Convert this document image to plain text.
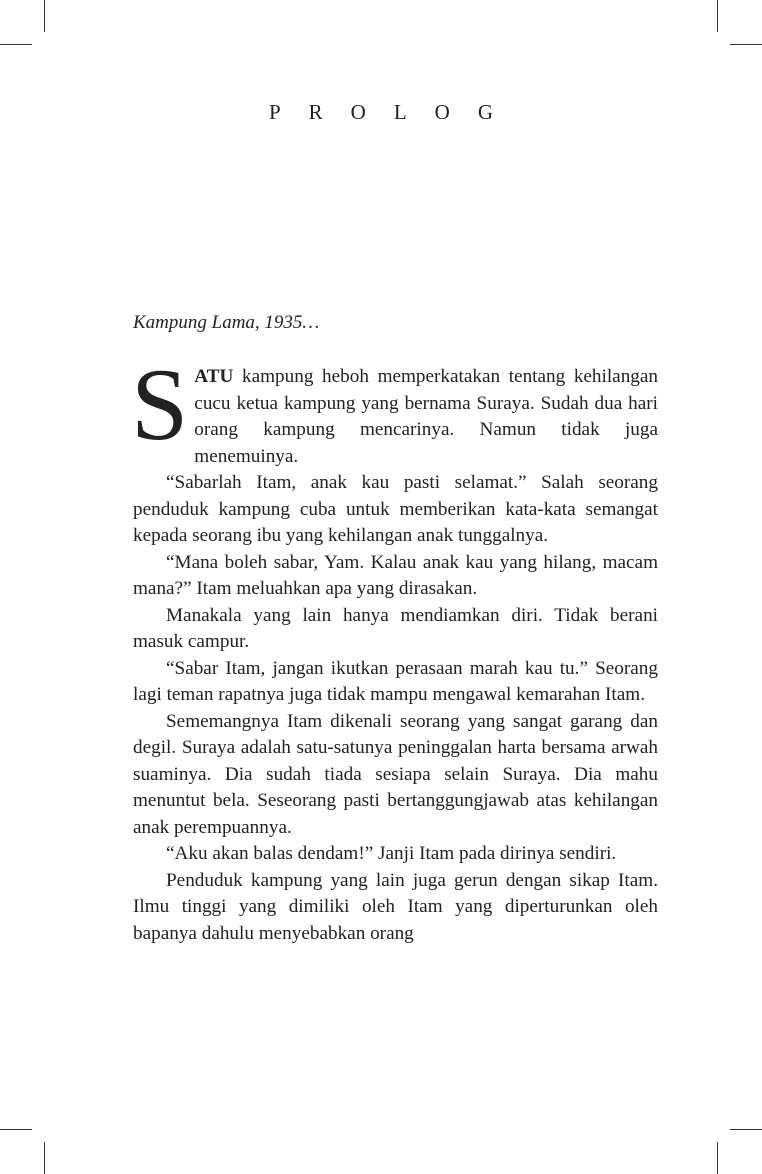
PROLOG
Kampung Lama, 1935…

SATU kampung heboh memperkatakan tentang kehilangan cucu ketua kampung yang bernama Suraya. Sudah dua hari orang kampung mencarinya. Namun tidak juga menemuinya.

“Sabarlah Itam, anak kau pasti selamat.” Salah seorang penduduk kampung cuba untuk memberikan kata-kata semangat kepada seorang ibu yang kehilangan anak tunggalnya.

“Mana boleh sabar, Yam. Kalau anak kau yang hilang, macam mana?” Itam meluahkan apa yang dirasakan.

Manakala yang lain hanya mendiamkan diri. Tidak berani masuk campur.

“Sabar Itam, jangan ikutkan perasaan marah kau tu.” Seorang lagi teman rapatnya juga tidak mampu mengawal kemarahan Itam.

Sememangnya Itam dikenali seorang yang sangat garang dan degil. Suraya adalah satu-satunya peninggalan harta bersama arwah suaminya. Dia sudah tiada sesiapa selain Suraya. Dia mahu menuntut bela. Seseorang pasti bertanggungjawab atas kehilangan anak perempuannya.

“Aku akan balas dendam!” Janji Itam pada dirinya sendiri.

Penduduk kampung yang lain juga gerun dengan sikap Itam. Ilmu tinggi yang dimiliki oleh Itam yang diperturunkan oleh bapanya dahulu menyebabkan orang
